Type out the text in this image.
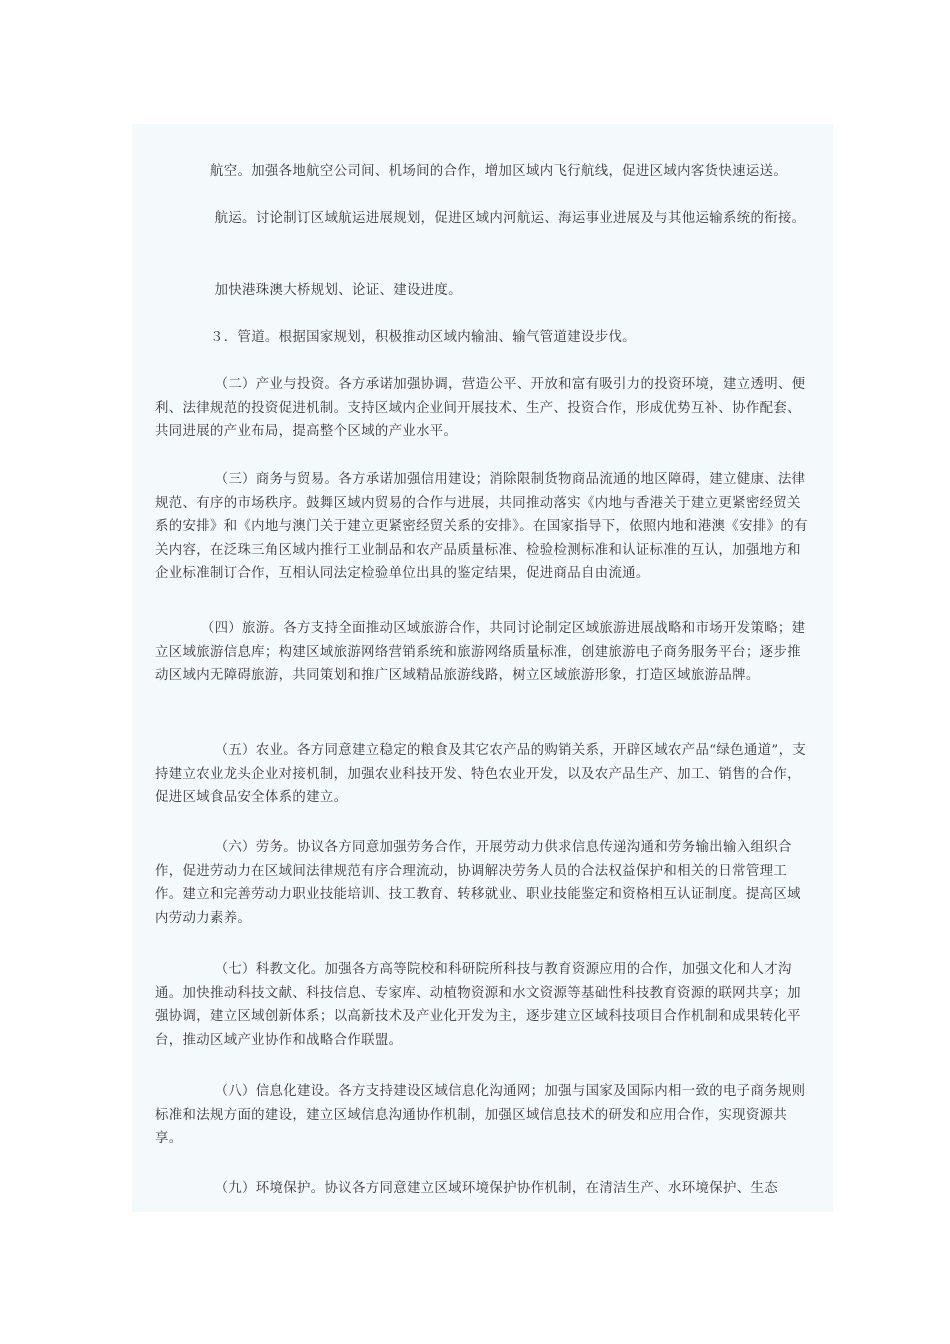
　　　　航空。加强各地航空公司间、机场间的合作，增加区域内飞行航线，促进区域内客货快速运送。

　　　　 航运。讨论制订区域航运进展规划，促进区域内河航运、海运事业进展及与其他运输系统的衔接。

　　　　 加快港珠澳大桥规划、论证、建设进度。

　　　　３．管道。根据国家规划，积极推动区域内输油、输气管道建设步伐。

　　　　 （二）产业与投资。各方承诺加强协调，营造公平、开放和富有吸引力的投资环境，建立透明、便利、法律规范的投资促进机制。支持区域内企业间开展技术、生产、投资合作，形成优势互补、协作配套、共同进展的产业布局，提高整个区域的产业水平。

　　　　 （三）商务与贸易。各方承诺加强信用建设；消除限制货物商品流通的地区障碍，建立健康、法律规范、有序的市场秩序。鼓舞区域内贸易的合作与进展，共同推动落实《内地与香港关于建立更紧密经贸关系的安排》和《内地与澳门关于建立更紧密经贸关系的安排》。在国家指导下，依照内地和港澳《安排》的有关内容，在泛珠三角区域内推行工业制品和农产品质量标准、检验检测标准和认证标准的互认，加强地方和企业标准制订合作，互相认同法定检验单位出具的鉴定结果，促进商品自由流通。

　　　 （四）旅游。各方支持全面推动区域旅游合作，共同讨论制定区域旅游进展战略和市场开发策略；建立区域旅游信息库；构建区域旅游网络营销系统和旅游网络质量标准，创建旅游电子商务服务平台；逐步推动区域内无障碍旅游，共同策划和推广区域精品旅游线路，树立区域旅游形象，打造区域旅游品牌。

　　　　 （五）农业。各方同意建立稳定的粮食及其它农产品的购销关系，开辟区域农产品“绿色通道”，支持建立农业龙头企业对接机制，加强农业科技开发、特色农业开发，以及农产品生产、加工、销售的合作，促进区域食品安全体系的建立。

　　　　 （六）劳务。协议各方同意加强劳务合作，开展劳动力供求信息传递沟通和劳务输出输入组织合作，促进劳动力在区域间法律规范有序合理流动，协调解决劳务人员的合法权益保护和相关的日常管理工作。建立和完善劳动力职业技能培训、技工教育、转移就业、职业技能鉴定和资格相互认证制度。提高区域内劳动力素养。

　　　　 （七）科教文化。加强各方高等院校和科研院所科技与教育资源应用的合作，加强文化和人才沟通。加快推动科技文献、科技信息、专家库、动植物资源和水文资源等基础性科技教育资源的联网共享；加强协调，建立区域创新体系；以高新技术及产业化开发为主，逐步建立区域科技项目合作机制和成果转化平台，推动区域产业协作和战略合作联盟。

　　　　 （八）信息化建设。各方支持建设区域信息化沟通网；加强与国家及国际内相一致的电子商务规则标准和法规方面的建设，建立区域信息沟通协作机制，加强区域信息技术的研发和应用合作，实现资源共享。

　　　　 （九）环境保护。协议各方同意建立区域环境保护协作机制，在清洁生产、水环境保护、生态
